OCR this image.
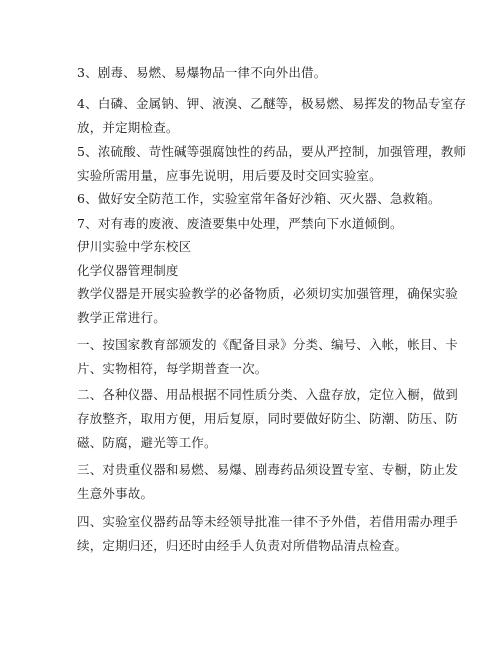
3、剧毒、易燃、易爆物品一律不向外出借。

4、白磷、金属钠、钾、液溴、乙醚等，极易燃、易挥发的物品专室存
放，并定期检查。

5、浓硫酸、苛性碱等强腐蚀性的药品，要从严控制，加强管理，教师
实验所需用量，应事先说明，用后要及时交回实验室。

6、做好安全防范工作，实验室常年备好沙箱、灭火器、急救箱。

7、对有毒的废液、废渣要集中处理，严禁向下水道倾倒。

伊川实验中学东校区

化学仪器管理制度

教学仪器是开展实验教学的必备物质，必须切实加强管理，确保实验
教学正常进行。

一、按国家教育部颁发的《配备目录》分类、编号、入帐，帐目、卡
片、实物相符，每学期普查一次。

二、各种仪器、用品根据不同性质分类、入盘存放，定位入橱，做到
存放整齐，取用方便，用后复原，同时要做好防尘、防潮、防压、防
磁、防腐，避光等工作。

三、对贵重仪器和易燃、易爆、剧毒药品须设置专室、专橱，防止发
生意外事故。

四、实验室仪器药品等未经领导批准一律不予外借，若借用需办理手
续，定期归还，归还时由经手人负责对所借物品清点检查。
